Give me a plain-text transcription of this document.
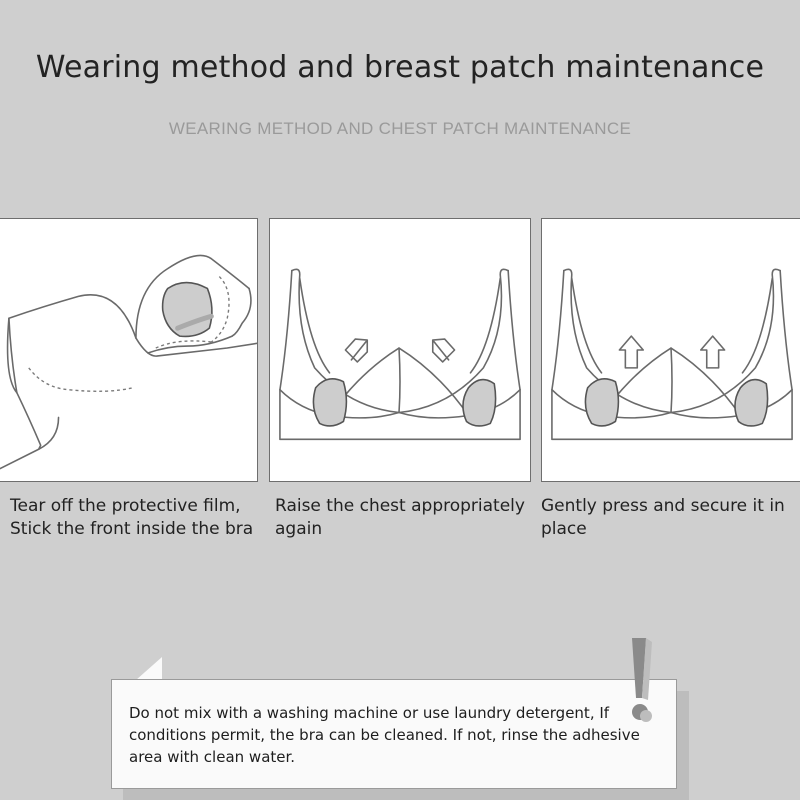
Wearing method and breast patch maintenance
WEARING METHOD AND CHEST PATCH MAINTENANCE
Tear off the protective film,
Stick the front inside the bra
Raise the chest appropriately
again
Gently press and secure it in
place
Do not mix with a washing machine or use laundry detergent, If
conditions permit, the bra can be cleaned. If not, rinse the adhesive
area with clean water.
